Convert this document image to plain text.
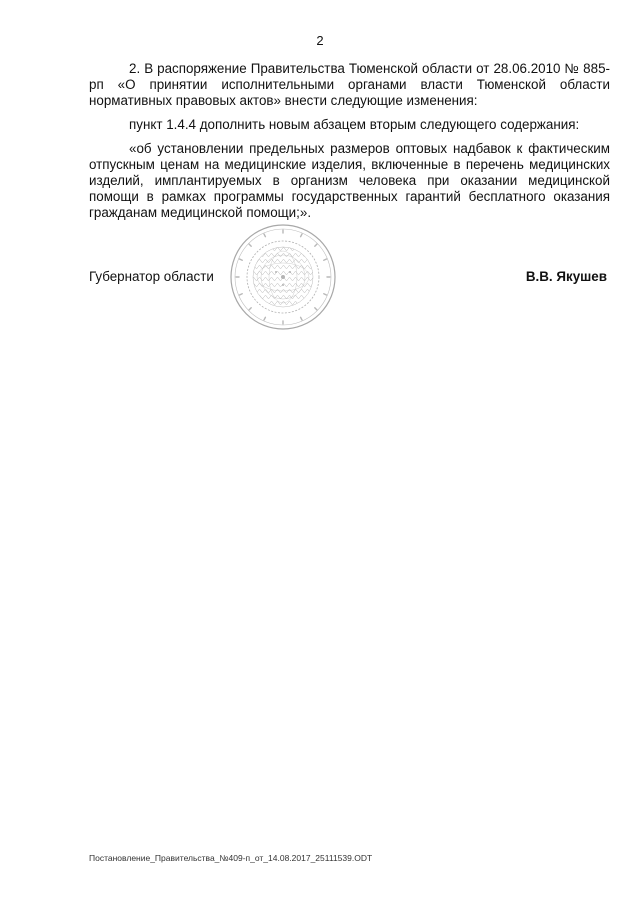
2

2. В распоряжение Правительства Тюменской области от 28.06.2010 № 885-рп «О принятии исполнительными органами власти Тюменской области нормативных правовых актов» внести следующие изменения:

пункт 1.4.4 дополнить новым абзацем вторым следующего содержания:

«об установлении предельных размеров оптовых надбавок к фактическим отпускным ценам на медицинские изделия, включенные в перечень медицинских изделий, имплантируемых в организм человека при оказании медицинской помощи в рамках программы государственных гарантий бесплатного оказания гражданам медицинской помощи;».

Губернатор области	В.В. Якушев
Постановление_Правительства_№409-п_от_14.08.2017_25111539.ODT
